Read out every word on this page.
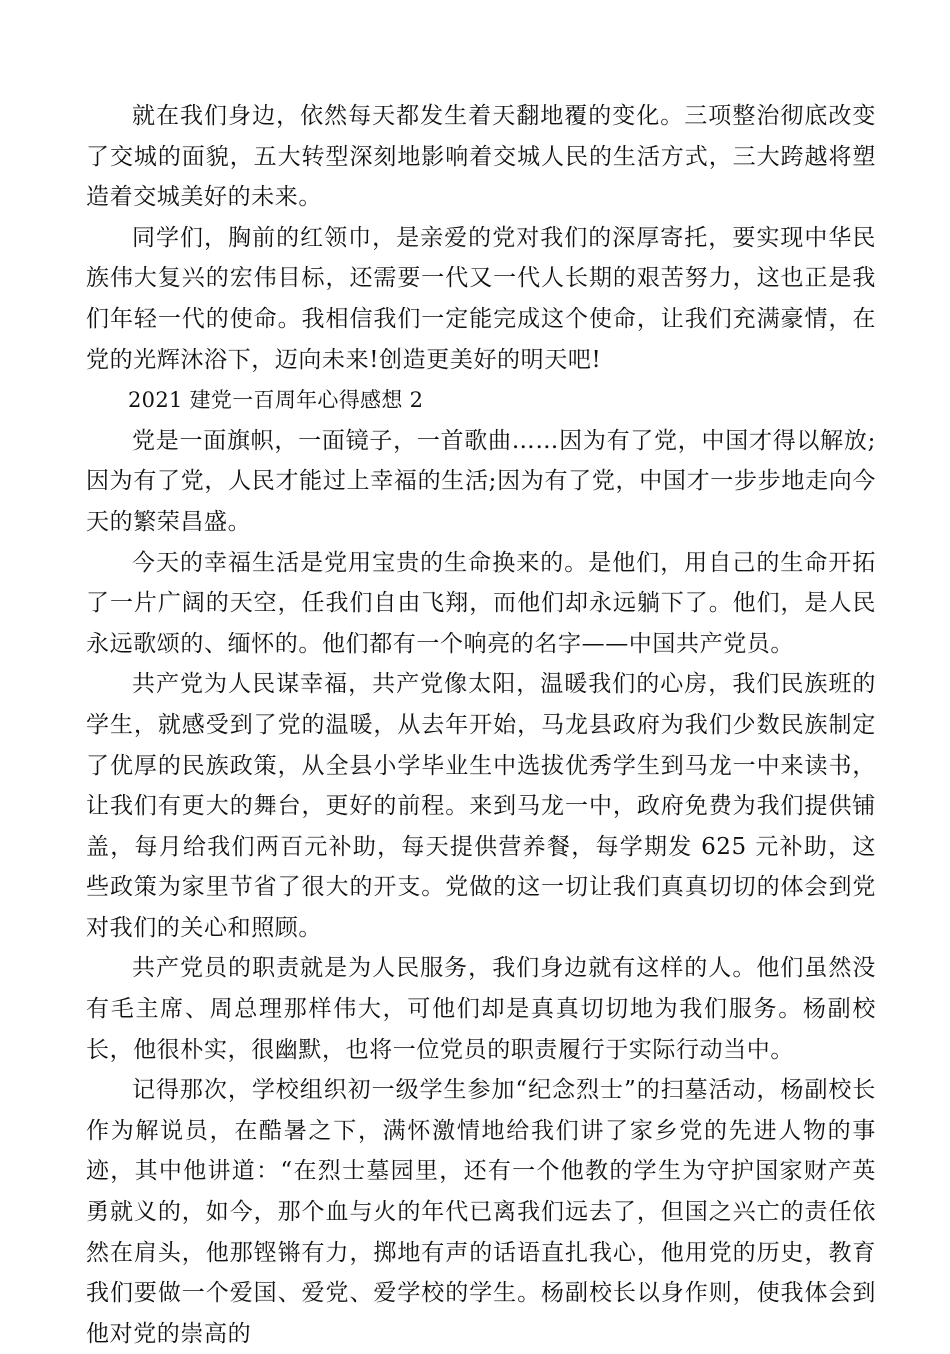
就在我们身边，依然每天都发生着天翻地覆的变化。三项整治彻底改变了交城的面貌，五大转型深刻地影响着交城人民的生活方式，三大跨越将塑造着交城美好的未来。

同学们，胸前的红领巾，是亲爱的党对我们的深厚寄托，要实现中华民族伟大复兴的宏伟目标，还需要一代又一代人长期的艰苦努力，这也正是我们年轻一代的使命。我相信我们一定能完成这个使命，让我们充满豪情，在党的光辉沐浴下，迈向未来!创造更美好的明天吧!

2021 建党一百周年心得感想 2

党是一面旗帜，一面镜子，一首歌曲……因为有了党，中国才得以解放;因为有了党，人民才能过上幸福的生活;因为有了党，中国才一步步地走向今天的繁荣昌盛。

今天的幸福生活是党用宝贵的生命换来的。是他们，用自己的生命开拓了一片广阔的天空，任我们自由飞翔，而他们却永远躺下了。他们，是人民永远歌颂的、缅怀的。他们都有一个响亮的名字——中国共产党员。

共产党为人民谋幸福，共产党像太阳，温暖我们的心房，我们民族班的学生，就感受到了党的温暖，从去年开始，马龙县政府为我们少数民族制定了优厚的民族政策，从全县小学毕业生中选拔优秀学生到马龙一中来读书，让我们有更大的舞台，更好的前程。来到马龙一中，政府免费为我们提供铺盖，每月给我们两百元补助，每天提供营养餐，每学期发 625 元补助，这些政策为家里节省了很大的开支。党做的这一切让我们真真切切的体会到党对我们的关心和照顾。

共产党员的职责就是为人民服务，我们身边就有这样的人。他们虽然没有毛主席、周总理那样伟大，可他们却是真真切切地为我们服务。杨副校长，他很朴实，很幽默，也将一位党员的职责履行于实际行动当中。

记得那次，学校组织初一级学生参加“纪念烈士”的扫墓活动，杨副校长作为解说员，在酷暑之下，满怀激情地给我们讲了家乡党的先进人物的事迹，其中他讲道：“在烈士墓园里，还有一个他教的学生为守护国家财产英勇就义的，如今，那个血与火的年代已离我们远去了，但国之兴亡的责任依然在肩头，他那铿锵有力，掷地有声的话语直扎我心，他用党的历史，教育我们要做一个爱国、爱党、爱学校的学生。杨副校长以身作则，使我体会到他对党的崇高的
